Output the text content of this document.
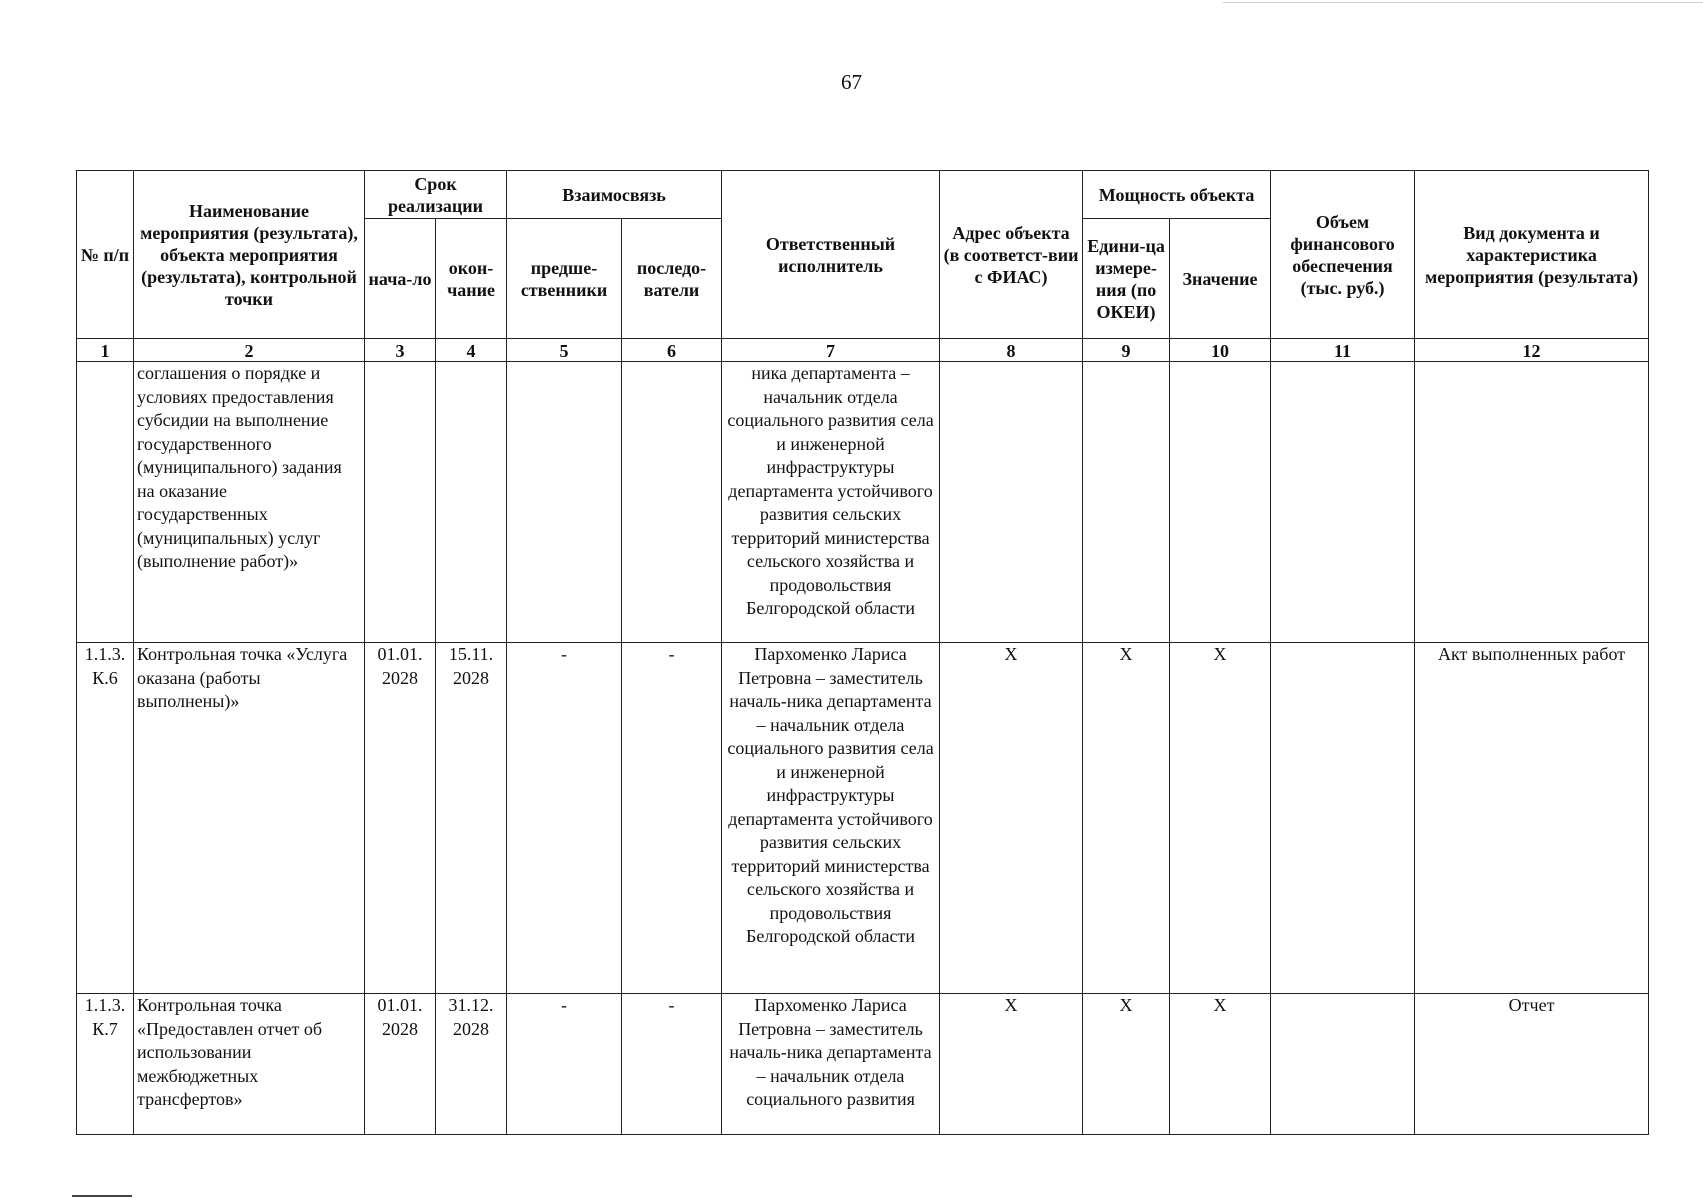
67
№ п/п	Наименование мероприятия (результата), объекта мероприятия (результата), контрольной точки	Срок реализации		Взаимосвязь		Ответственный исполнитель	Адрес объекта (в соответст-вии с ФИАС)	Мощность объекта		Объем финансового обеспечения (тыс. руб.)	Вид документа и характеристика мероприятия (результата)
		нача-ло	окон-чание	предше-ственники	последо-ватели			Едини-ца измере-ния (по ОКЕИ)	Значение		
1	2	3	4	5	6	7	8	9	10	11	12
	соглашения о порядке и условиях предоставления субсидии на выполнение государственного (муниципального) задания на оказание государственных (муниципальных) услуг (выполнение работ)»					ника департамента – начальник отдела социального развития села и инженерной инфраструктуры департамента устойчивого развития сельских территорий министерства сельского хозяйства и продовольствия Белгородской области					
1.1.3. К.6	Контрольная точка «Услуга оказана (работы выполнены)»	01.01. 2028	15.11. 2028	-	-	Пархоменко Лариса Петровна – заместитель началь-ника департамента – начальник отдела социального развития села и инженерной инфраструктуры департамента устойчивого развития сельских территорий министерства сельского хозяйства и продовольствия Белгородской области	X	X	X		Акт выполненных работ
1.1.3. К.7	Контрольная точка «Предоставлен отчет об использовании межбюджетных трансфертов»	01.01. 2028	31.12. 2028	-	-	Пархоменко Лариса Петровна – заместитель началь-ника департамента – начальник отдела социального развития	X	X	X		Отчет
